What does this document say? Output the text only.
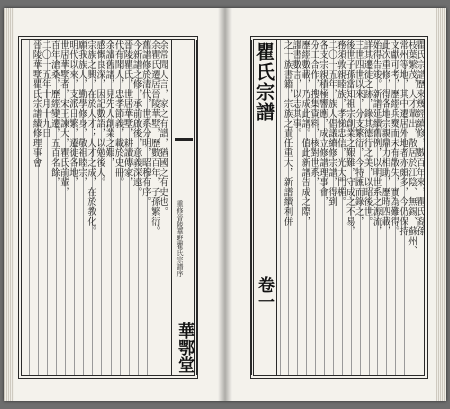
重修晉陵華墅瞿氏宗譜序
華鄂堂
余常聞人言，家之有譜，猶國之有史也。
余瞿氏遷居晉陵華墅，歷數百年，子孫繁衍。
舊譜修於清代，世系分明，昭穆有序。
今新譜之修，承前啟後，意義深遠。
晉陵瞿氏，世居華墅，耕讀傳家，
代有聞人，忠孝節義，載於史冊。
余讀舊譜，見先人創業之艱，
感慨良深，因記數語，以勉後人。
宗族之興，在於人才；人才之成，在於教化。
願我族人，勤學修身，敬祖睦宗，
明代以來，支派日繁，遷徙各地，
世居華墅者，宋王諫大，瞿氏前輩，
百年滄桑，歷經變遷，五百名餘，
二〇一五年十月十九日
晉陵華墅瞿氏宗譜續修理事會	瞿氏宗譜
卷一
瞿氏宗譜歷來幾經續修，數百年來，瞿氏裔孫
枝葉繁茂，人才輩出，散居於江陰、無錫、蘇州、
常州等地，其中遷居外地者亦頗多，今仍保持
文獻可考，歷經兵燹而未有散失，實為難得。
此次重修，得各地宗親鼎力相助，歷時四載，
始得告竣。新譜延續舊例，以明世系之源流，
詳其遷徙之跡，錄其德行之美，以昭後世。
三世四世以來，分支繁衍，今特匯而錄之，
後世子孫當知祖宗創業之艱難，守成之不易，
務須敦親睦族，孝悌忠信，光大門楣。
二〇一五年，族人倡議續修宗譜，得到
各支宗親積極響應，成立修譜理事會，
分工合作，搜集資料，核對世系，
歷經數載，乃成此譜。值此新譜告成之際，
謹書數言，以志其事。
之一族書籍，宗族之責任重大，新譜續利併
